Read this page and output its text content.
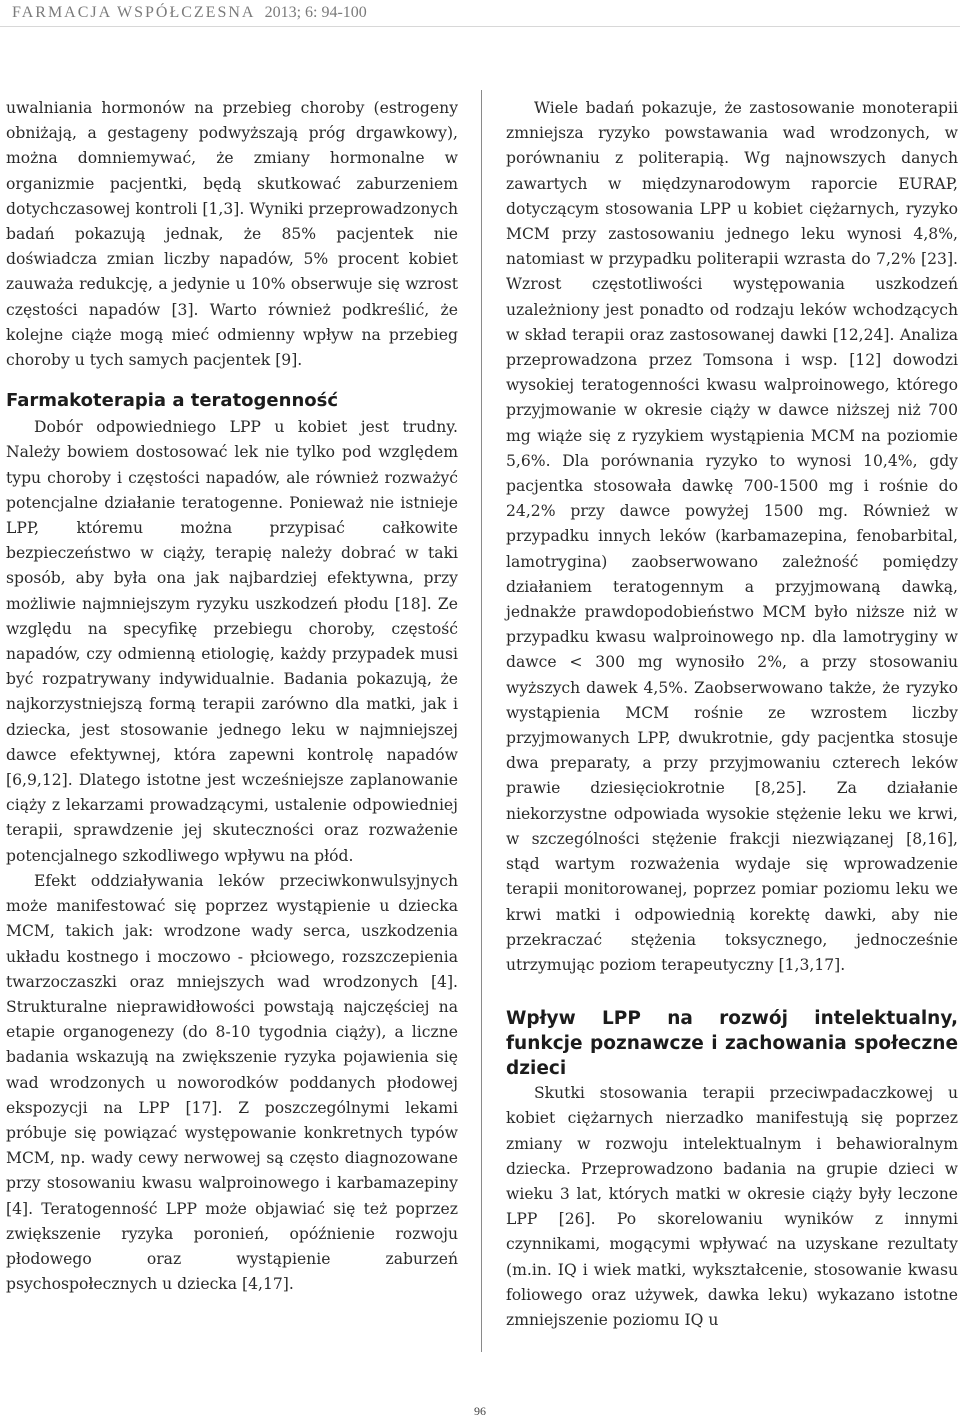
FARMACJA WSPÓŁCZESNA 2013; 6: 94-100

uwalniania hormonów na przebieg choroby (estrogeny obniżają, a gestageny podwyższają próg drgawkowy), można domniemywać, że zmiany hormonalne w organizmie pacjentki, będą skutkować zaburzeniem dotychczasowej kontroli [1,3]. Wyniki przeprowadzonych badań pokazują jednak, że 85% pacjentek nie doświadcza zmian liczby napadów, 5% procent kobiet zauważa redukcję, a jedynie u 10% obserwuje się wzrost częstości napadów [3]. Warto również podkreślić, że kolejne ciąże mogą mieć odmienny wpływ na przebieg choroby u tych samych pacjentek [9].

Farmakoterapia a teratogenność

Dobór odpowiedniego LPP u kobiet jest trudny. Należy bowiem dostosować lek nie tylko pod względem typu choroby i częstości napadów, ale również rozważyć potencjalne działanie teratogenne. Ponieważ nie istnieje LPP, któremu można przypisać całkowite bezpieczeństwo w ciąży, terapię należy dobrać w taki sposób, aby była ona jak najbardziej efektywna, przy możliwie najmniejszym ryzyku uszkodzeń płodu [18]. Ze względu na specyfikę przebiegu choroby, częstość napadów, czy odmienną etiologię, każdy przypadek musi być rozpatrywany indywidualnie. Badania pokazują, że najkorzystniejszą formą terapii zarówno dla matki, jak i dziecka, jest stosowanie jednego leku w najmniejszej dawce efektywnej, która zapewni kontrolę napadów [6,9,12]. Dlatego istotne jest wcześniejsze zaplanowanie ciąży z lekarzami prowadzącymi, ustalenie odpowiedniej terapii, sprawdzenie jej skuteczności oraz rozważenie potencjalnego szkodliwego wpływu na płód.

Efekt oddziaływania leków przeciwkonwulsyjnych może manifestować się poprzez wystąpienie u dziecka MCM, takich jak: wrodzone wady serca, uszkodzenia układu kostnego i moczowo - płciowego, rozszczepienia twarzoczaszki oraz mniejszych wad wrodzonych [4]. Strukturalne nieprawidłowości powstają najczęściej na etapie organogenezy (do 8-10 tygodnia ciąży), a liczne badania wskazują na zwiększenie ryzyka pojawienia się wad wrodzonych u noworodków poddanych płodowej ekspozycji na LPP [17]. Z poszczególnymi lekami próbuje się powiązać występowanie konkretnych typów MCM, np. wady cewy nerwowej są często diagnozowane przy stosowaniu kwasu walproinowego i karbamazepiny [4]. Teratogenność LPP może objawiać się też poprzez zwiększenie ryzyka poronień, opóźnienie rozwoju płodowego oraz wystąpienie zaburzeń psychospołecznych u dziecka [4,17].

Wiele badań pokazuje, że zastosowanie monoterapii zmniejsza ryzyko powstawania wad wrodzonych, w porównaniu z politerapią. Wg najnowszych danych zawartych w międzynarodowym raporcie EURAP, dotyczącym stosowania LPP u kobiet ciężarnych, ryzyko MCM przy zastosowaniu jednego leku wynosi 4,8%, natomiast w przypadku politerapii wzrasta do 7,2% [23]. Wzrost częstotliwości występowania uszkodzeń uzależniony jest ponadto od rodzaju leków wchodzących w skład terapii oraz zastosowanej dawki [12,24]. Analiza przeprowadzona przez Tomsona i wsp. [12] dowodzi wysokiej teratogenności kwasu walproinowego, którego przyjmowanie w okresie ciąży w dawce niższej niż 700 mg wiąże się z ryzykiem wystąpienia MCM na poziomie 5,6%. Dla porównania ryzyko to wynosi 10,4%, gdy pacjentka stosowała dawkę 700-1500 mg i rośnie do 24,2% przy dawce powyżej 1500 mg. Również w przypadku innych leków (karbamazepina, fenobarbital, lamotrygina) zaobserwowano zależność pomiędzy działaniem teratogennym a przyjmowaną dawką, jednakże prawdopodobieństwo MCM było niższe niż w przypadku kwasu walproinowego np. dla lamotryginy w dawce < 300 mg wynosiło 2%, a przy stosowaniu wyższych dawek 4,5%. Zaobserwowano także, że ryzyko wystąpienia MCM rośnie ze wzrostem liczby przyjmowanych LPP, dwukrotnie, gdy pacjentka stosuje dwa preparaty, a przy przyjmowaniu czterech leków prawie dziesięciokrotnie [8,25]. Za działanie niekorzystne odpowiada wysokie stężenie leku we krwi, w szczególności stężenie frakcji niezwiązanej [8,16], stąd wartym rozważenia wydaje się wprowadzenie terapii monitorowanej, poprzez pomiar poziomu leku we krwi matki i odpowiednią korektę dawki, aby nie przekraczać stężenia toksycznego, jednocześnie utrzymując poziom terapeutyczny [1,3,17].

Wpływ LPP na rozwój intelektualny, funkcje poznawcze i zachowania społeczne dzieci

Skutki stosowania terapii przeciwpadaczkowej u kobiet ciężarnych nierzadko manifestują się poprzez zmiany w rozwoju intelektualnym i behawioralnym dziecka. Przeprowadzono badania na grupie dzieci w wieku 3 lat, których matki w okresie ciąży były leczone LPP [26]. Po skorelowaniu wyników z innymi czynnikami, mogącymi wpływać na uzyskane rezultaty (m.in. IQ i wiek matki, wykształcenie, stosowanie kwasu foliowego oraz używek, dawka leku) wykazano istotne zmniejszenie poziomu IQ u

96
